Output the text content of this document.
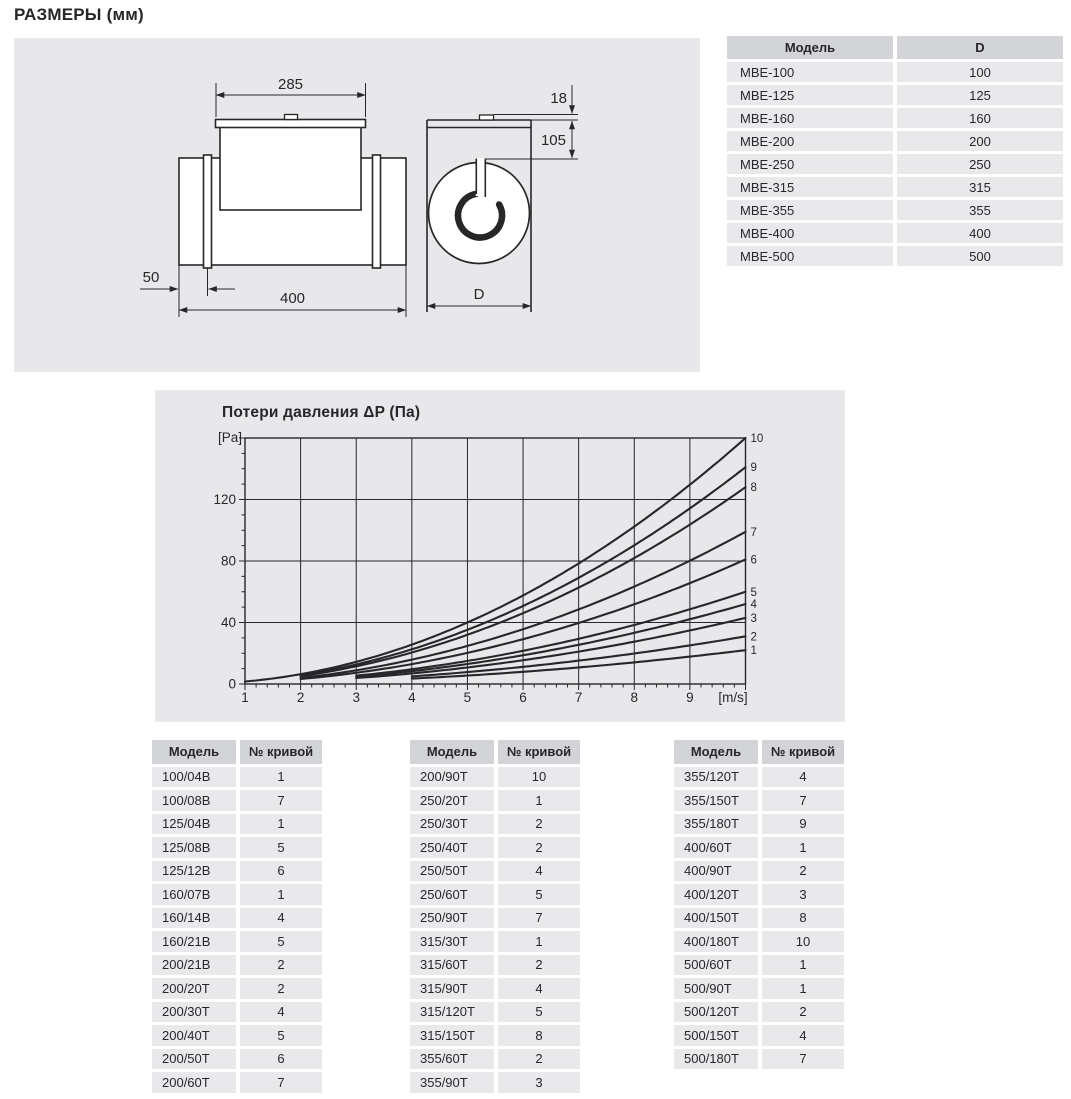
РАЗМЕРЫ (мм)
285
18
105
50
400	D
Модель	D
MBE-100	100
MBE-125	125
MBE-160	160
MBE-200	200
MBE-250	250
MBE-315	315
MBE-355	355
MBE-400	400
MBE-500	500
Потери давления ΔP (Па)
1	2	3	4	5	6	7	8	9 [m/s]
0
40
80
120
[Pa]
1
2
3
4
5
6
7
8
9
10
Модель	№ кривой
100/04B	1
100/08B	7
125/04B	1
125/08B	5
125/12B	6
160/07B	1
160/14B	4
160/21B	5
200/21B	2
200/20T	2
200/30T	4
200/40T	5
200/50T	6
200/60T	7
Модель	№ кривой
200/90T	10
250/20T	1
250/30T	2
250/40T	2
250/50T	4
250/60T	5
250/90T	7
315/30T	1
315/60T	2
315/90T	4
315/120T	5
315/150T	8
355/60T	2
355/90T	3
Модель	№ кривой
355/120T	4
355/150T	7
355/180T	9
400/60T	1
400/90T	2
400/120T	3
400/150T	8
400/180T	10
500/60T	1
500/90T	1
500/120T	2
500/150T	4
500/180T	7
